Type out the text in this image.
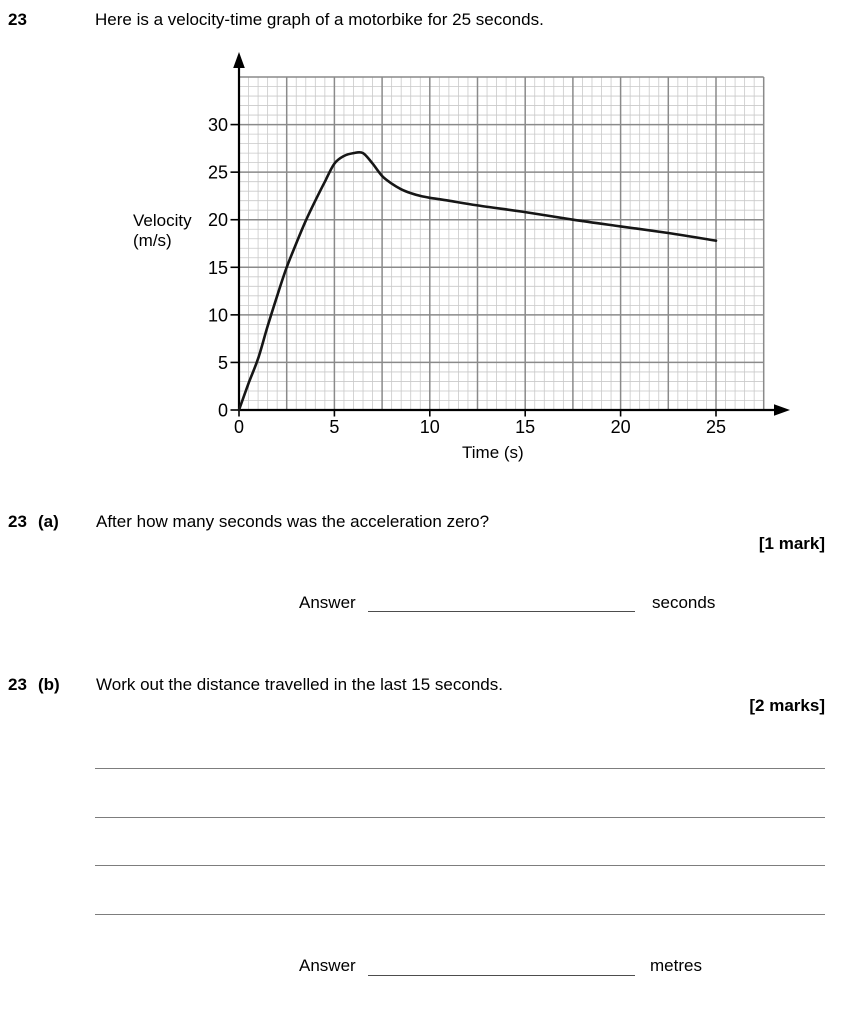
23	Here is a velocity-time graph of a motorbike for 25 seconds.
0
5
10
15
20
25
30
0	5	10	15	20	25
Velocity
(m/s)
Time (s)
23 (a) After how many seconds was the acceleration zero?
[1 mark]
Answer	seconds
23 (b) Work out the distance travelled in the last 15 seconds.
[2 marks]
Answer	metres
